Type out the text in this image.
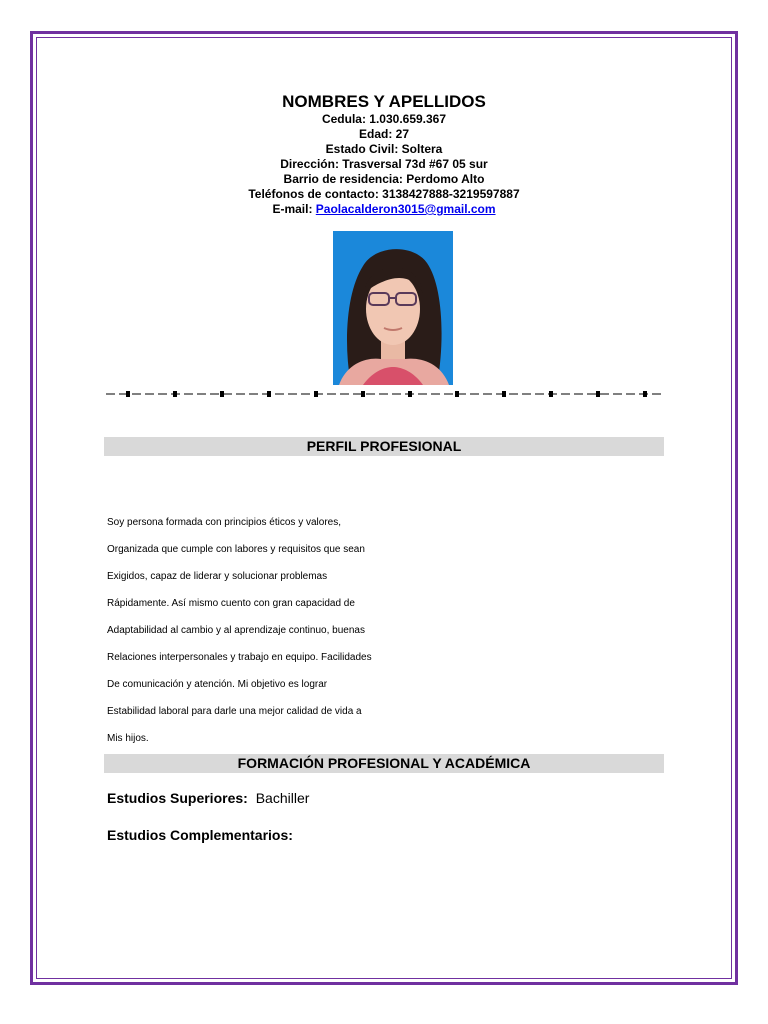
NOMBRES Y APELLIDOS

Cedula: 1.030.659.367

Edad: 27

Estado Civil: Soltera

Dirección: Trasversal 73d #67 05 sur

Barrio de residencia: Perdomo Alto

Teléfonos de contacto: 3138427888-3219597887

E-mail: Paolacalderon3015@gmail.com

PERFIL PROFESIONAL

Soy persona formada con principios éticos y valores,

Organizada que cumple con labores y requisitos que sean

Exigidos, capaz de liderar y solucionar problemas

Rápidamente. Así mismo cuento con gran capacidad de

Adaptabilidad al cambio y al aprendizaje continuo, buenas

Relaciones interpersonales y trabajo en equipo. Facilidades

De comunicación y atención. Mi objetivo es lograr

Estabilidad laboral para darle una mejor calidad de vida a

Mis hijos.

FORMACIÓN PROFESIONAL Y ACADÉMICA
Estudios Superiores: Bachiller
Estudios Complementarios:
